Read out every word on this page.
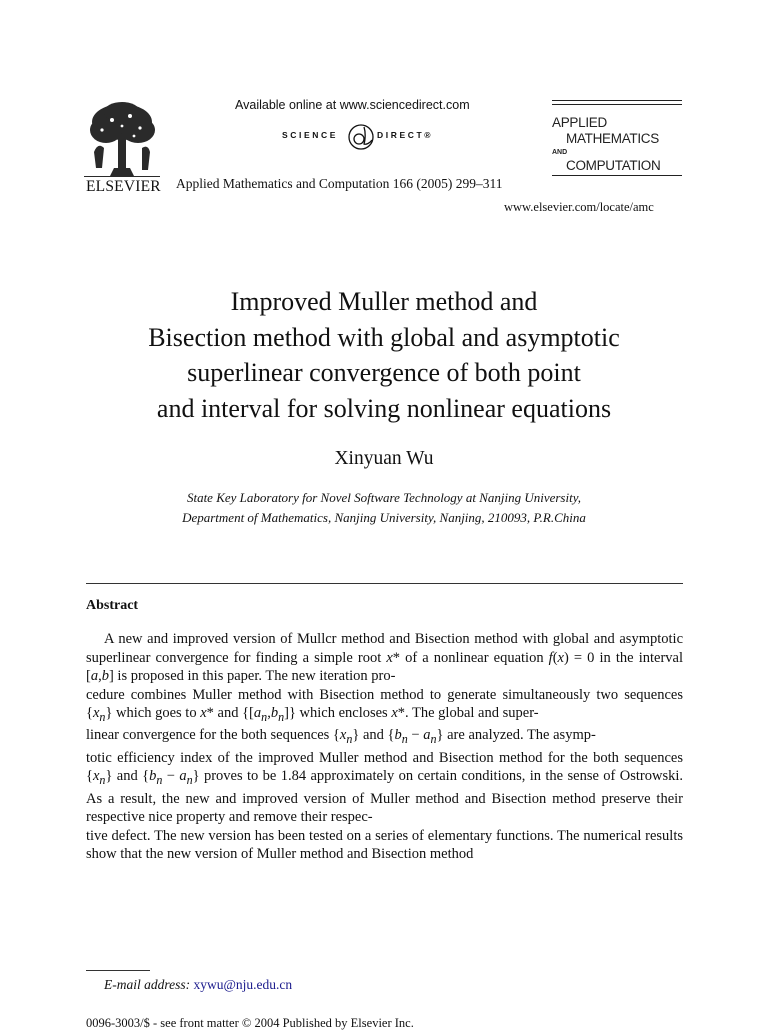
ELSEVIER
Available online at www.sciencedirect.com
SCIENCE	DIRECT®
Applied Mathematics and Computation 166 (2005) 299–311
www.elsevier.com/locate/amc
APPLIED
MATHEMATICS
AND
COMPUTATION
Improved Muller method and
Bisection method with global and asymptotic
superlinear convergence of both point
and interval for solving nonlinear equations
Xinyuan Wu
State Key Laboratory for Novel Software Technology at Nanjing University,
Department of Mathematics, Nanjing University, Nanjing, 210093, P.R.China
Abstract
A new and improved version of Mullcr method and Bisection method with global and asymptotic superlinear convergence for finding a simple root x* of a nonlinear equation f(x) = 0 in the interval [a,b] is proposed in this paper. The new iteration pro-
cedure combines Muller method with Bisection method to generate simultaneously two sequences $\{x_n\}$ which goes to x* and $\{[a_n,b_n]\}$ which encloses x*. The global and super-
linear convergence for the both sequences $\{x_n\}$ and $\{b_n - a_n\}$ are analyzed. The asymp-
totic efficiency index of the improved Muller method and Bisection method for the both sequences $\{x_n\}$ and $\{b_n - a_n\}$ proves to be 1.84 approximately on certain conditions, in the sense of Ostrowski. As a result, the new and improved version of Muller method and Bisection method preserve their respective nice property and remove their respec-
tive defect. The new version has been tested on a series of elementary functions. The numerical results show that the new version of Muller method and Bisection method
E-mail address: xywu@nju.edu.cn
0096-3003/$ - see front matter © 2004 Published by Elsevier Inc.
